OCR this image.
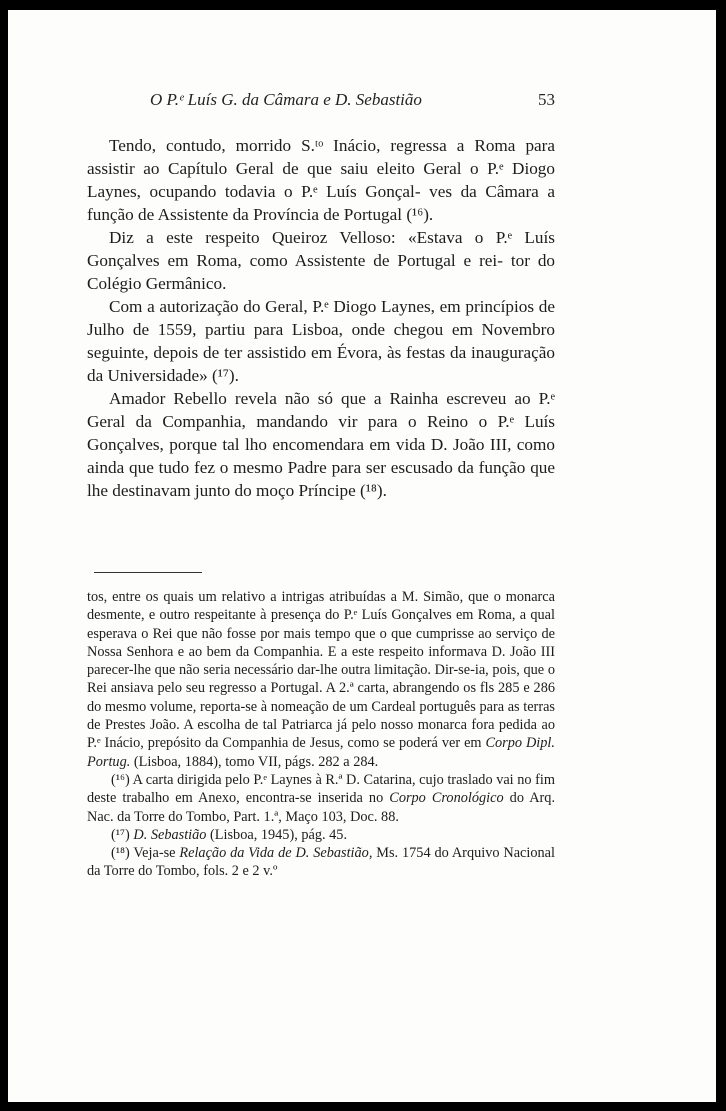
O P.ᵉ Luís G. da Câmara e D. Sebastião	53

Tendo, contudo, morrido S.ᵗᵒ Inácio, regressa a Roma para assistir ao Capítulo Geral de que saiu eleito Geral o P.ᵉ Diogo Laynes, ocupando todavia o P.ᵉ Luís Gonçal- ves da Câmara a função de Assistente da Província de Portugal (¹⁶).

Diz a este respeito Queiroz Velloso: «Estava o P.ᵉ Luís Gonçalves em Roma, como Assistente de Portugal e rei- tor do Colégio Germânico.

Com a autorização do Geral, P.ᵉ Diogo Laynes, em princípios de Julho de 1559, partiu para Lisboa, onde chegou em Novembro seguinte, depois de ter assistido em Évora, às festas da inauguração da Universidade» (¹⁷).

Amador Rebello revela não só que a Rainha escreveu ao P.ᵉ Geral da Companhia, mandando vir para o Reino o P.ᵉ Luís Gonçalves, porque tal lho encomendara em vida D. João III, como ainda que tudo fez o mesmo Padre para ser escusado da função que lhe destinavam junto do moço Príncipe (¹⁸).

tos, entre os quais um relativo a intrigas atribuídas a M. Simão, que o monarca desmente, e outro respeitante à presença do P.ᵉ Luís Gonçalves em Roma, a qual esperava o Rei que não fosse por mais tempo que o que cumprisse ao serviço de Nossa Senhora e ao bem da Companhia. E a este respeito informava D. João III parecer-lhe que não seria necessário dar-lhe outra limitação. Dir-se-ia, pois, que o Rei ansiava pelo seu regresso a Portugal. A 2.ª carta, abrangendo os fls 285 e 286 do mesmo volume, reporta-se à nomeação de um Cardeal português para as terras de Prestes João. A escolha de tal Patriarca já pelo nosso monarca fora pedida ao P.ᵉ Inácio, prepósito da Companhia de Jesus, como se poderá ver em Corpo Dipl. Portug. (Lisboa, 1884), tomo VII, págs. 282 a 284.

(¹⁶) A carta dirigida pelo P.ᵉ Laynes à R.ª D. Catarina, cujo traslado vai no fim deste trabalho em Anexo, encontra-se inserida no Corpo Cronológico do Arq. Nac. da Torre do Tombo, Part. 1.ª, Maço 103, Doc. 88.

(¹⁷) D. Sebastião (Lisboa, 1945), pág. 45.

(¹⁸) Veja-se Relação da Vida de D. Sebastião, Ms. 1754 do Arquivo Nacional da Torre do Tombo, fols. 2 e 2 v.º
